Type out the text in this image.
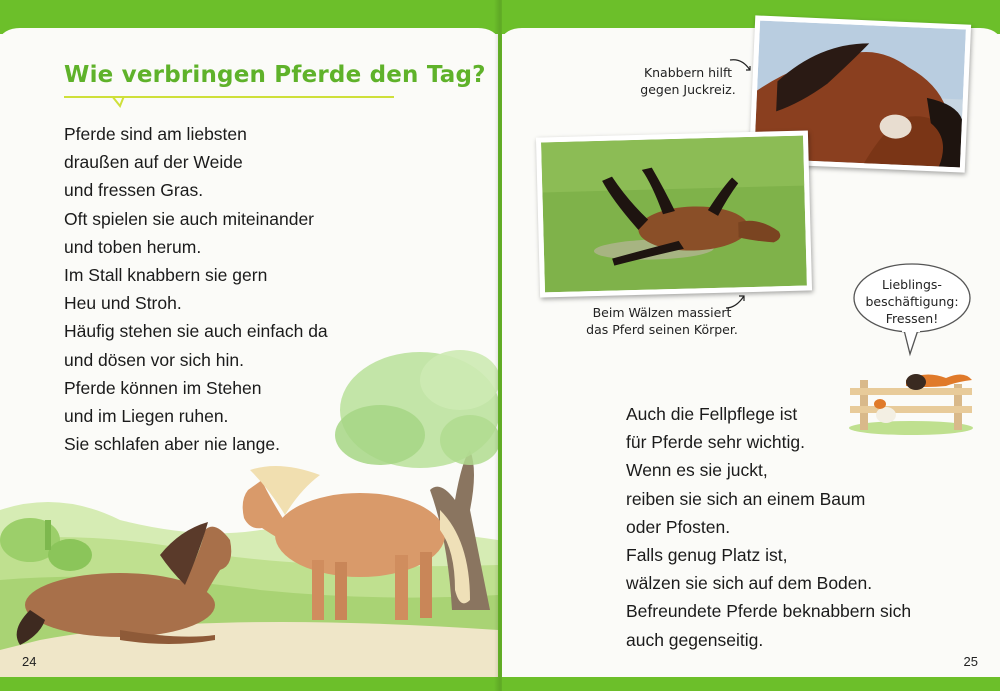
Wie verbringen Pferde den Tag?
Pferde sind am liebsten
draußen auf der Weide
und fressen Gras.
Oft spielen sie auch miteinander
und toben herum.
Im Stall knabbern sie gern
Heu und Stroh.
Häufig stehen sie auch einfach da
und dösen vor sich hin.
Pferde können im Stehen
und im Liegen ruhen.
Sie schlafen aber nie lange.
24
Knabbern hilft
gegen Juckreiz.
Beim Wälzen massiert
das Pferd seinen Körper.
Lieblings-
beschäftigung:
Fressen!
Auch die Fellpflege ist
für Pferde sehr wichtig.
Wenn es sie juckt,
reiben sie sich an einem Baum
oder Pfosten.
Falls genug Platz ist,
wälzen sie sich auf dem Boden.
Befreundete Pferde beknabbern sich
auch gegenseitig.
25
